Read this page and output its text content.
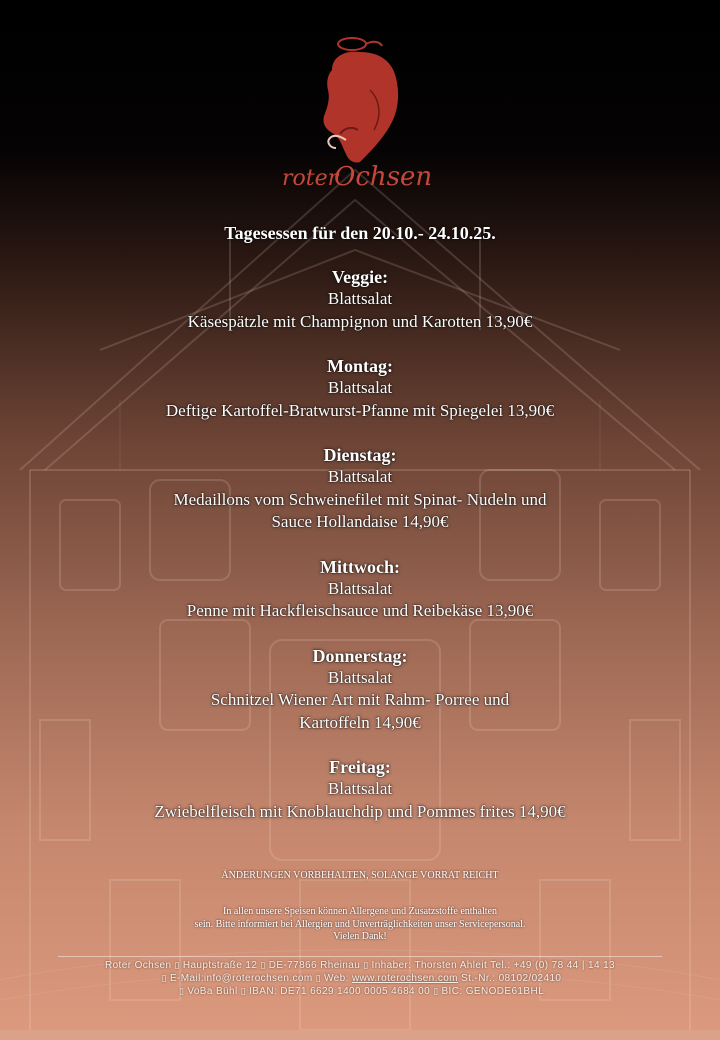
roter
Ochsen
roter Ochsen
Tagesessen für den 20.10.- 24.10.25.
Veggie:
Blattsalat
Käsespätzle mit Champignon und Karotten 13,90€
Montag:
Blattsalat
Deftige Kartoffel-Bratwurst-Pfanne mit Spiegelei 13,90€
Dienstag:
Blattsalat
Medaillons vom Schweinefilet mit Spinat- Nudeln und
Sauce Hollandaise 14,90€
Mittwoch:
Blattsalat
Penne mit Hackfleischsauce und Reibekäse 13,90€
Donnerstag:
Blattsalat
Schnitzel Wiener Art mit Rahm- Porree und
Kartoffeln 14,90€
Freitag:
Blattsalat
Zwiebelfleisch mit Knoblauchdip und Pommes frites 14,90€
ÄNDERUNGEN VORBEHALTEN, SOLANGE VORRAT REICHT
In allen unsere Speisen können Allergene und Zusatzstoffe enthalten
sein. Bitte informiert bei Allergien und Unverträglichkeiten unser Servicepersonal.
Vielen Dank!
Roter Ochsen ▯ Hauptstraße 12 ▯ DE-77866 Rheinau ▯ Inhaber: Thorsten Ahleit Tel.: +49 (0) 78 44 | 14 13
▯ E-Mail:info@roterochsen.com ▯ Web: www.roterochsen.com St.-Nr.: 08102/02410
▯ VoBa Bühl ▯ IBAN: DE71 6629 1400 0005 4684 00 ▯ BIC: GENODE61BHL
